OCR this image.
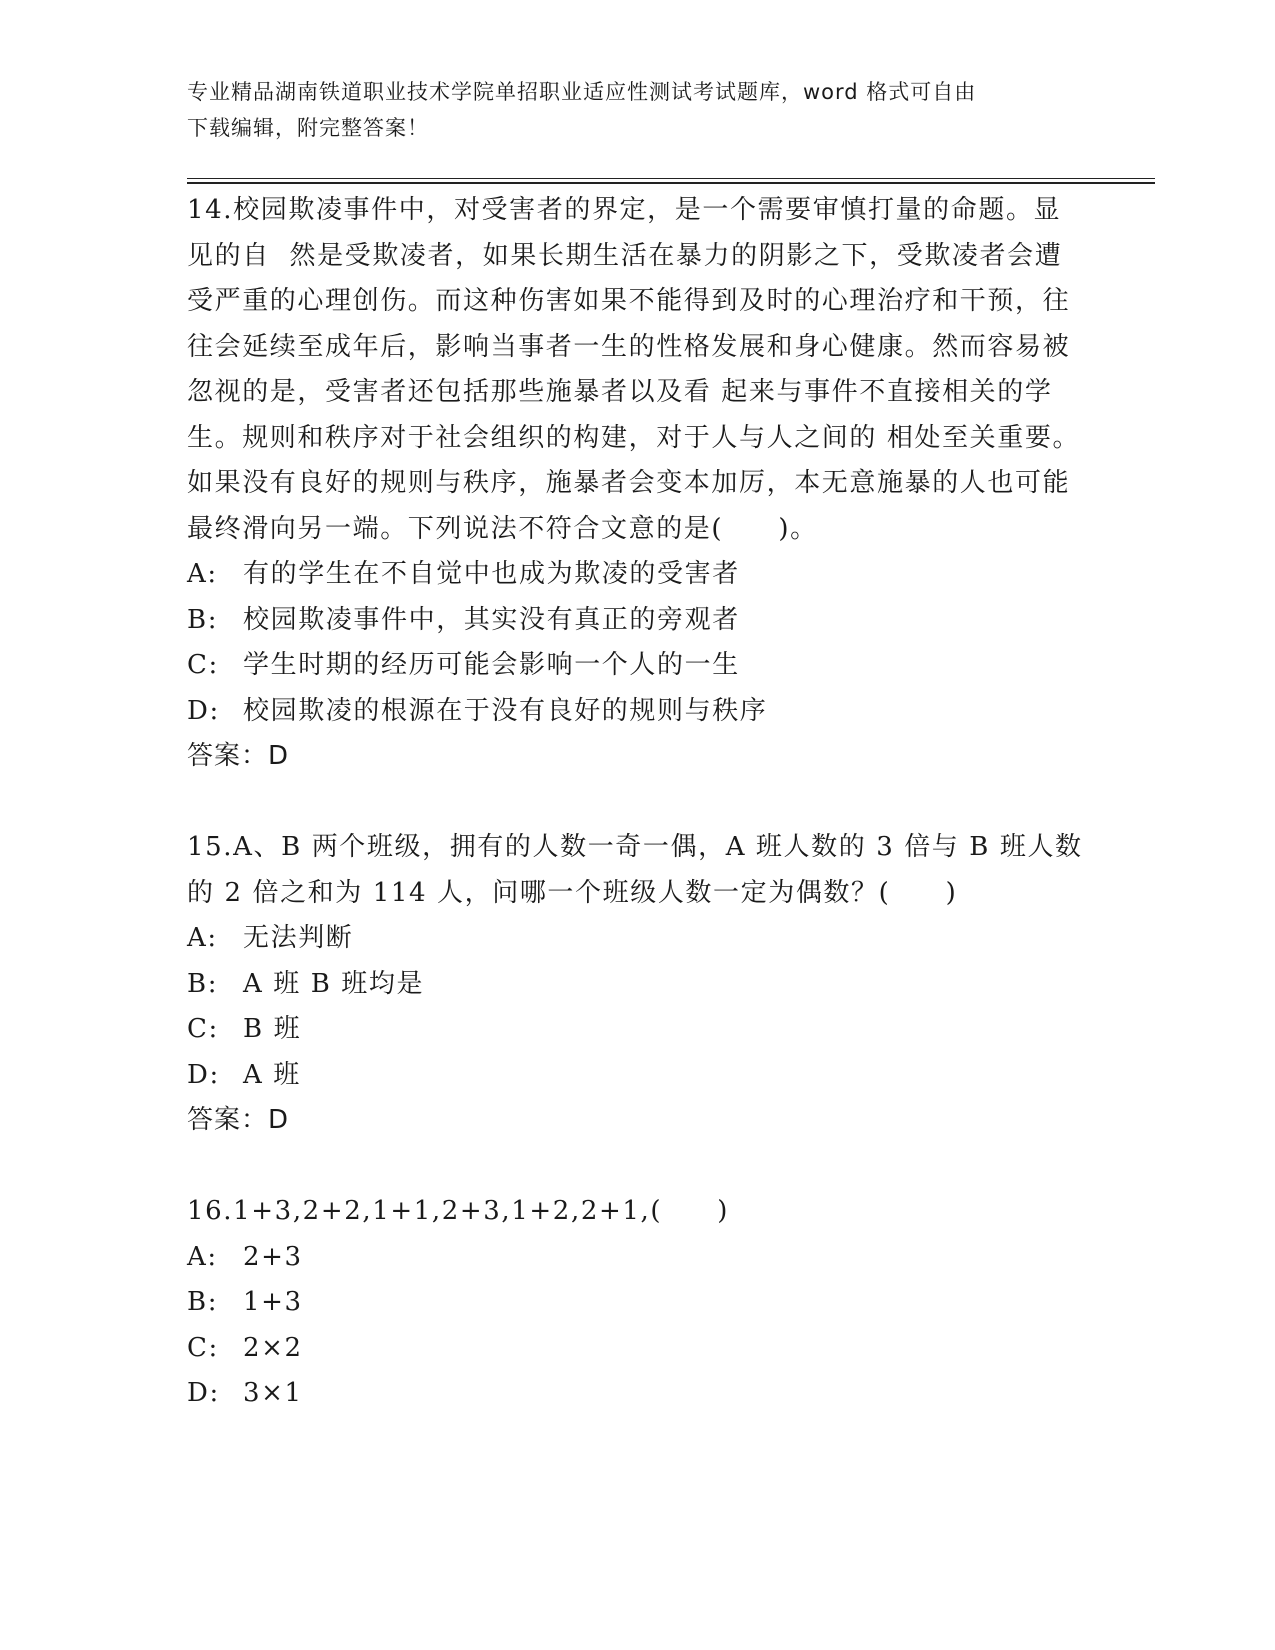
专业精品湖南铁道职业技术学院单招职业适应性测试考试题库，word 格式可自由
下载编辑，附完整答案！

14.校园欺凌事件中，对受害者的界定，是一个需要审慎打量的命题。显见的自  然是受欺凌者，如果长期生活在暴力的阴影之下，受欺凌者会遭受严重的心理创伤。而这种伤害如果不能得到及时的心理治疗和干预，往往会延续至成年后，影响当事者一生的性格发展和身心健康。然而容易被忽视的是，受害者还包括那些施暴者以及看 起来与事件不直接相关的学生。规则和秩序对于社会组织的构建，对于人与人之间的 相处至关重要。如果没有良好的规则与秩序，施暴者会变本加厉，本无意施暴的人也可能最终滑向另一端。下列说法不符合文意的是(　　)。

A: 有的学生在不自觉中也成为欺凌的受害者
B: 校园欺凌事件中，其实没有真正的旁观者
C: 学生时期的经历可能会影响一个人的一生
D: 校园欺凌的根源在于没有良好的规则与秩序
答案：D

15.A、B 两个班级，拥有的人数一奇一偶，A 班人数的 3 倍与 B 班人数的 2 倍之和为 114 人，问哪一个班级人数一定为偶数？(　　)

A: 无法判断
B: A 班 B 班均是
C: B 班
D: A 班
答案：D

16.1+3,2+2,1+1,2+3,1+2,2+1,(　　)

A: 2+3
B: 1+3
C: 2×2
D: 3×1
